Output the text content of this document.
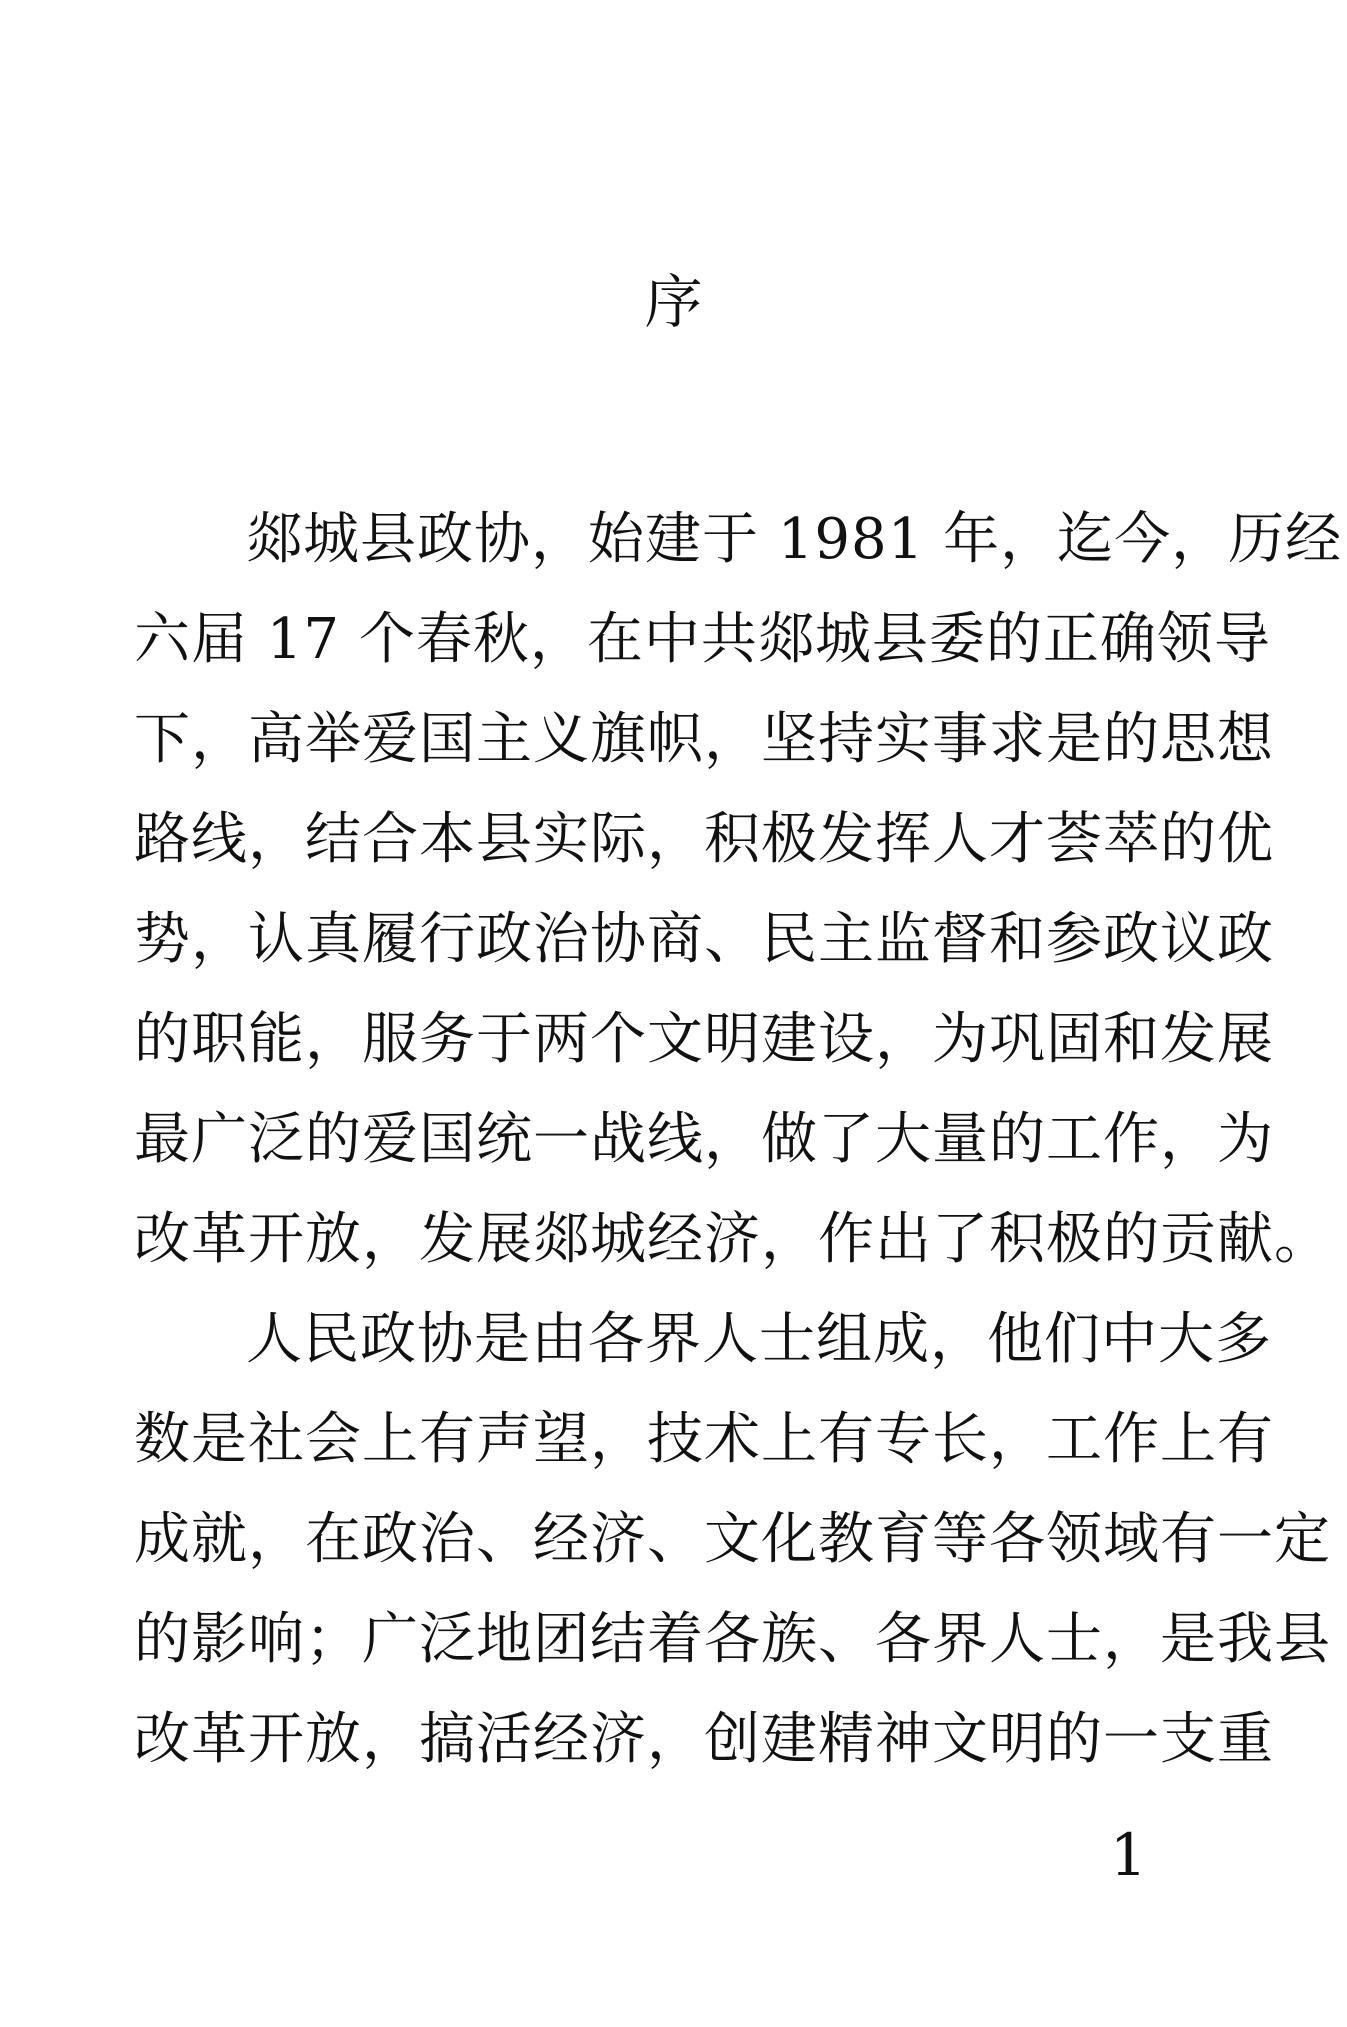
序
郯城县政协，始建于 1981 年，迄今，历经
六届 17 个春秋，在中共郯城县委的正确领导
下，高举爱国主义旗帜，坚持实事求是的思想
路线，结合本县实际，积极发挥人才荟萃的优
势，认真履行政治协商、民主监督和参政议政
的职能，服务于两个文明建设，为巩固和发展
最广泛的爱国统一战线，做了大量的工作，为
改革开放，发展郯城经济，作出了积极的贡献。
人民政协是由各界人士组成，他们中大多
数是社会上有声望，技术上有专长，工作上有
成就，在政治、经济、文化教育等各领域有一定
的影响；广泛地团结着各族、各界人士，是我县
改革开放，搞活经济，创建精神文明的一支重
1
